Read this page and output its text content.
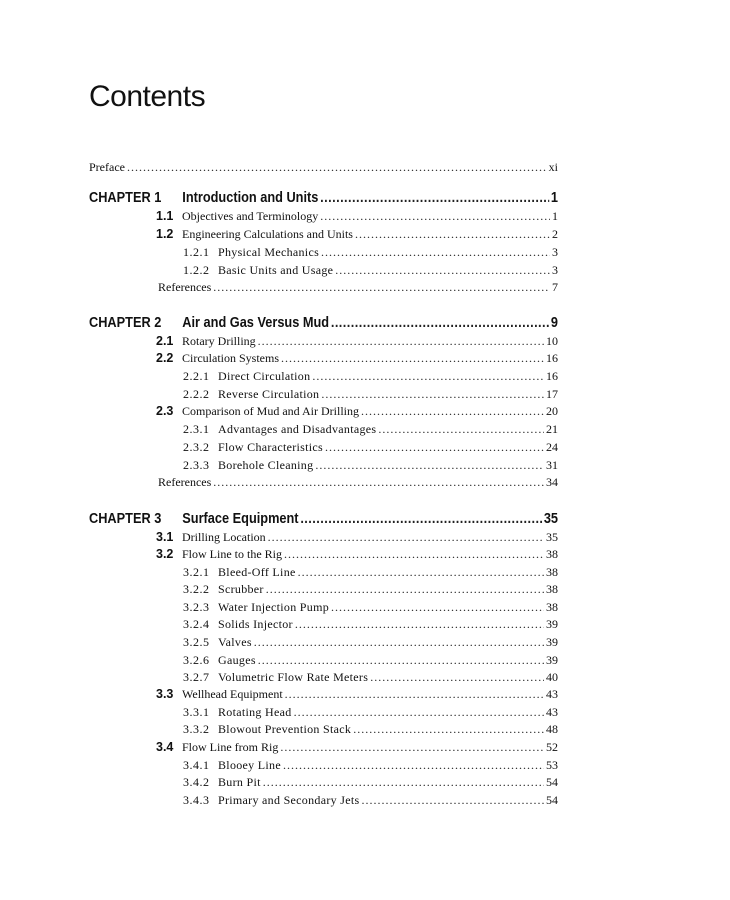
Contents
Preface .....	xi
CHAPTER 1	Introduction and Units .....	1
1.1 Objectives and Terminology .....	1
1.2 Engineering Calculations and Units .....	2
1.2.1 Physical Mechanics .....	3
1.2.2 Basic Units and Usage .....	3
References .....	7
CHAPTER 2	Air and Gas Versus Mud .....	9
2.1 Rotary Drilling .....	10
2.2 Circulation Systems .....	16
2.2.1 Direct Circulation .....	16
2.2.2 Reverse Circulation .....	17
2.3 Comparison of Mud and Air Drilling .....	20
2.3.1 Advantages and Disadvantages .....	21
2.3.2 Flow Characteristics .....	24
2.3.3 Borehole Cleaning .....	31
References .....	34
CHAPTER 3	Surface Equipment .....	35
3.1 Drilling Location .....	35
3.2 Flow Line to the Rig .....	38
3.2.1 Bleed-Off Line .....	38
3.2.2 Scrubber .....	38
3.2.3 Water Injection Pump .....	38
3.2.4 Solids Injector .....	39
3.2.5 Valves .....	39
3.2.6 Gauges .....	39
3.2.7 Volumetric Flow Rate Meters .....	40
3.3 Wellhead Equipment .....	43
3.3.1 Rotating Head .....	43
3.3.2 Blowout Prevention Stack .....	48
3.4 Flow Line from Rig .....	52
3.4.1 Blooey Line .....	53
3.4.2 Burn Pit .....	54
3.4.3 Primary and Secondary Jets .....	54
